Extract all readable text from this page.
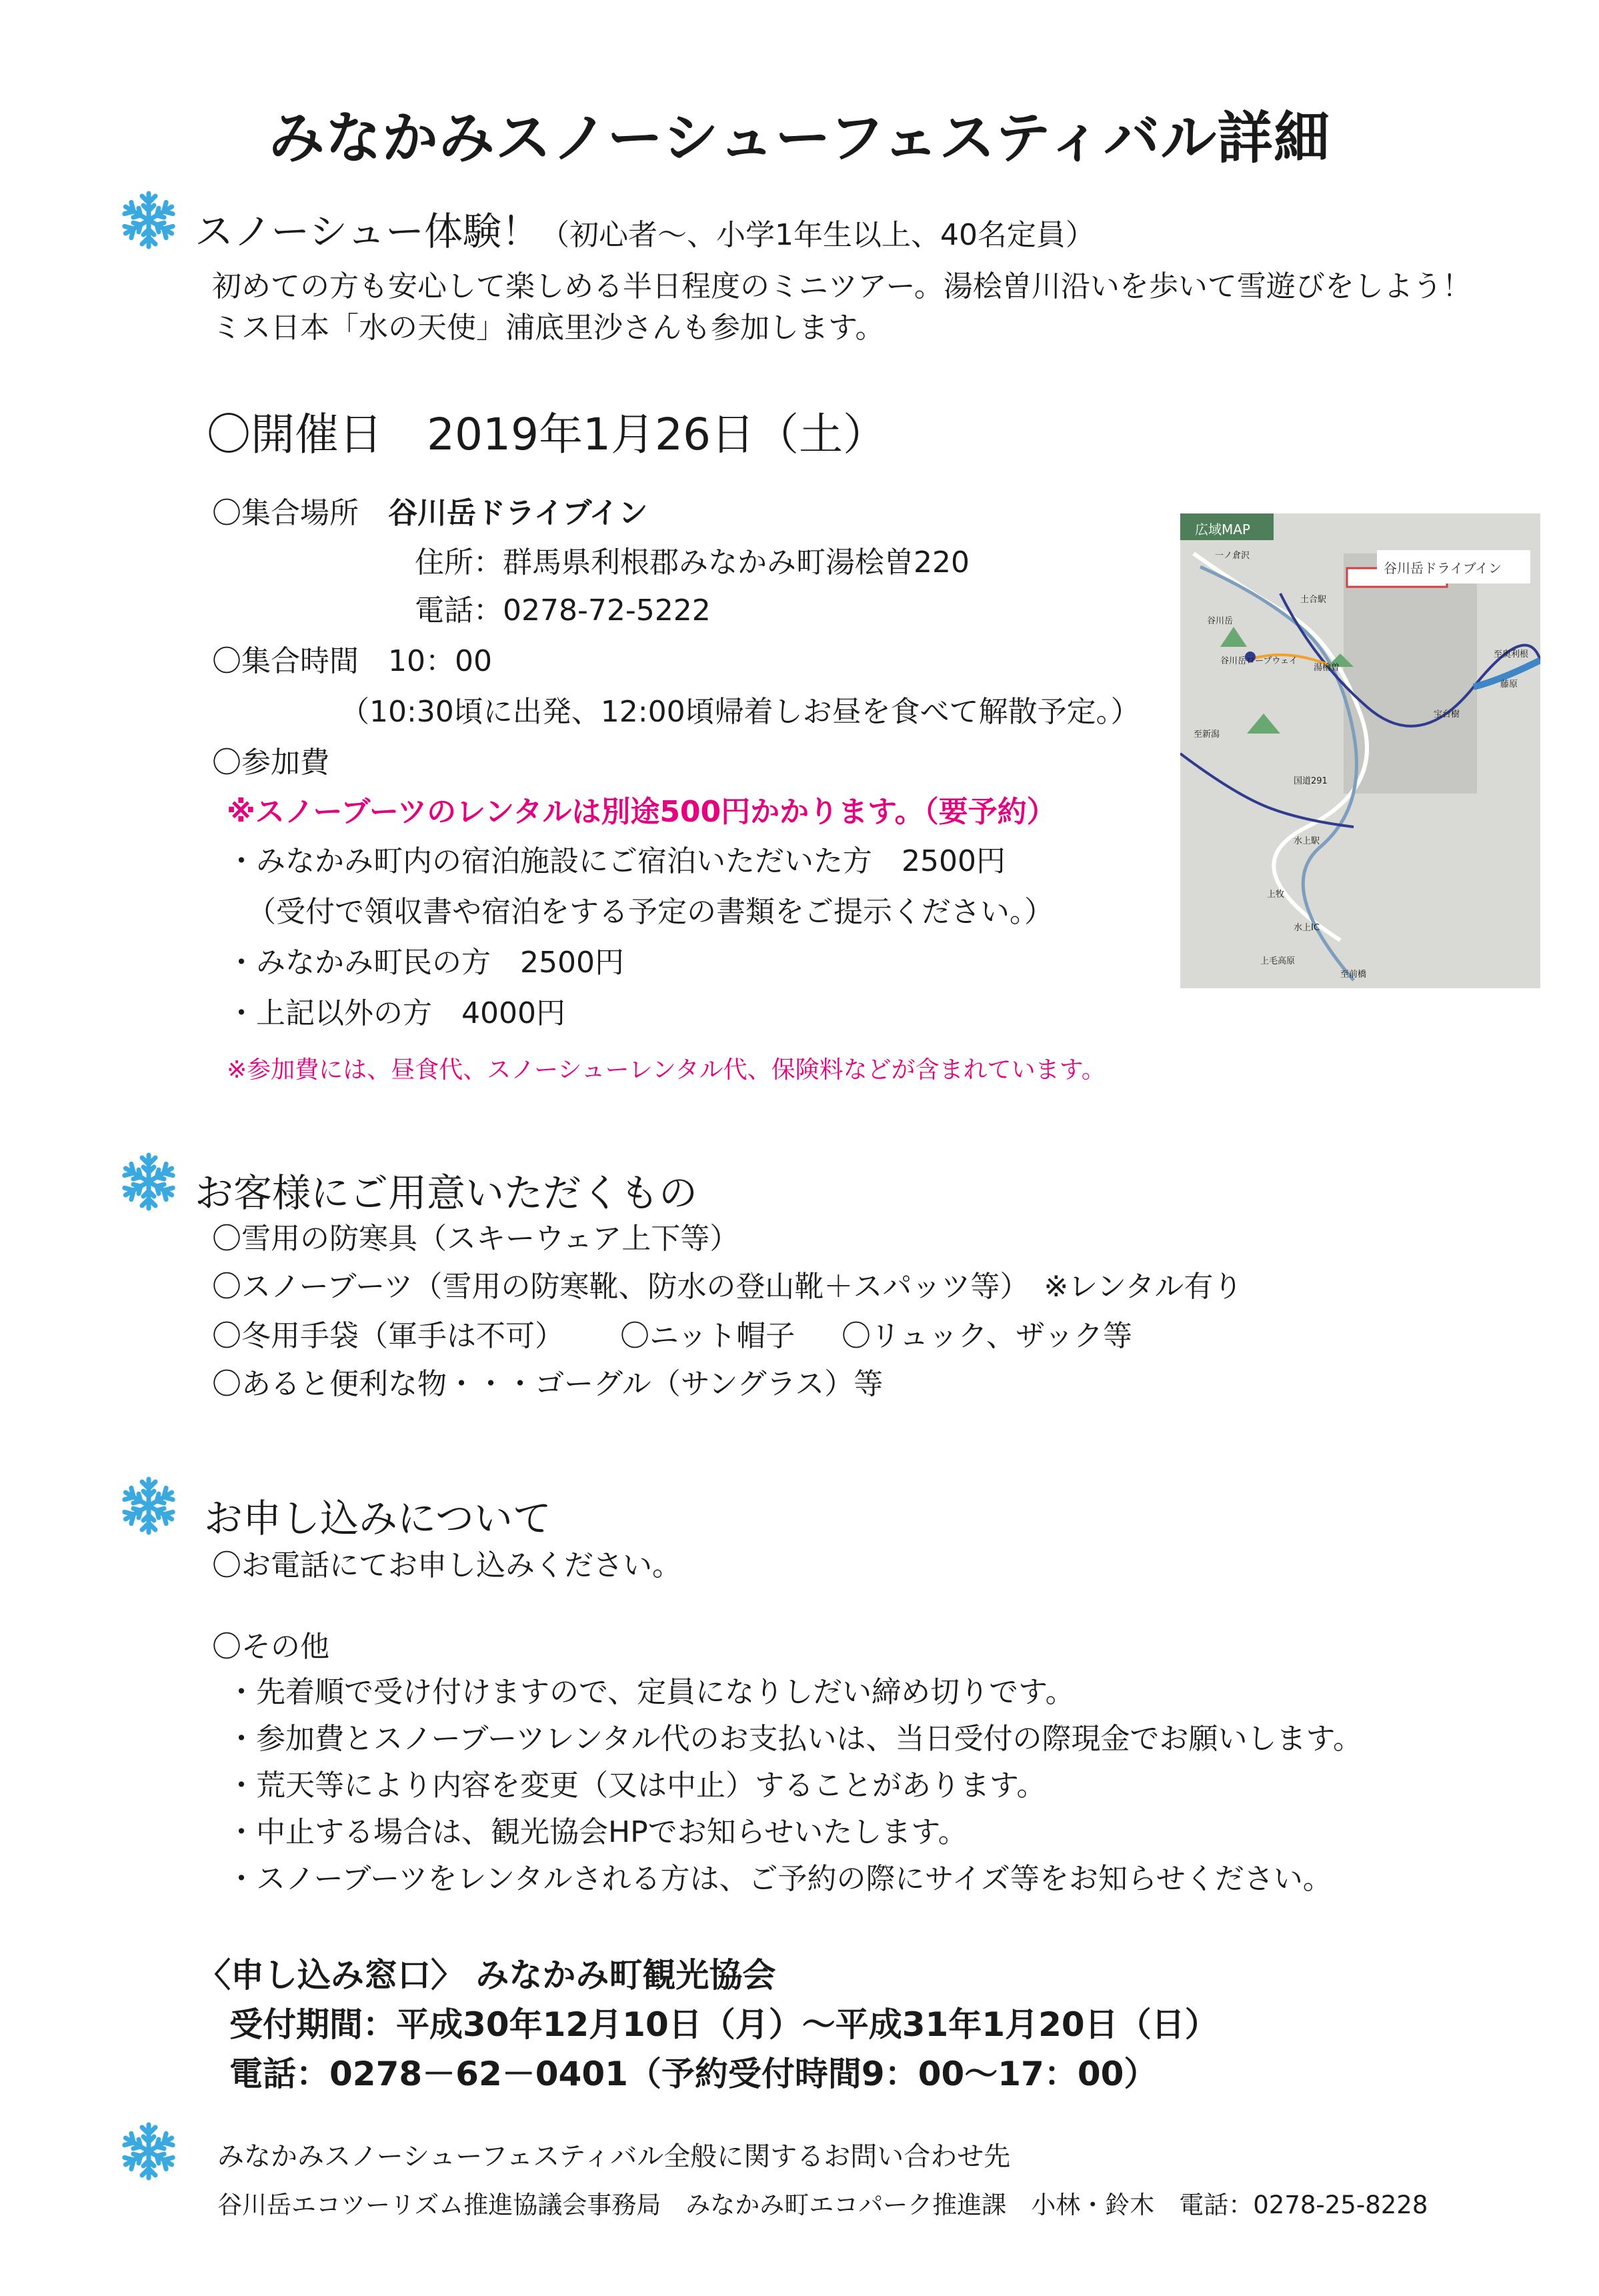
みなかみスノーシューフェスティバル詳細
スノーシュー体験！（初心者～、小学1年生以上、40名定員）
初めての方も安心して楽しめる半日程度のミニツアー。湯桧曽川沿いを歩いて雪遊びをしよう！
ミス日本「水の天使」浦底里沙さんも参加します。
〇開催日　2019年1月26日（土）
〇集合場所　 谷川岳ドライブイン
住所：群馬県利根郡みなかみ町湯桧曽220
電話：0278-72-5222
〇集合時間　10：00
（10:30頃に出発、12:00頃帰着しお昼を食べて解散予定。）
〇参加費
※スノーブーツのレンタルは別途500円かかります。（要予約）
・みなかみ町内の宿泊施設にご宿泊いただいた方　2500円
（受付で領収書や宿泊をする予定の書類をご提示ください。）
・みなかみ町民の方　2500円
・上記以外の方　4000円
※参加費には、昼食代、スノーシューレンタル代、保険料などが含まれています。
広域MAP
谷川岳ドライブイン
一ノ倉沢
土合駅
谷川岳ロープウェイ
谷川岳
湯檜曽
国道291
至奥利根
藤原
宝台樹
水上駅
水上IC
上牧
上毛高原
至新潟
至前橋
お客様にご用意いただくもの
〇雪用の防寒具（スキーウェア上下等）
〇スノーブーツ（雪用の防寒靴、防水の登山靴＋スパッツ等）　※レンタル有り
〇冬用手袋（軍手は不可） 〇ニット帽子 〇リュック、ザック等
〇あると便利な物・・・ゴーグル（サングラス）等
お申し込みについて
〇お電話にてお申し込みください。
〇その他
・先着順で受け付けますので、定員になりしだい締め切りです。
・参加費とスノーブーツレンタル代のお支払いは、当日受付の際現金でお願いします。
・荒天等により内容を変更（又は中止）することがあります。
・中止する場合は、観光協会HPでお知らせいたします。
・スノーブーツをレンタルされる方は、ご予約の際にサイズ等をお知らせください。
〈申し込み窓口〉 みなかみ町観光協会
受付期間：平成30年12月10日（月）～平成31年1月20日（日）
電話：0278－62－0401（予約受付時間9：00～17：00）
みなかみスノーシューフェスティバル全般に関するお問い合わせ先
谷川岳エコツーリズム推進協議会事務局　みなかみ町エコパーク推進課　小林・鈴木　電話：0278-25-8228
